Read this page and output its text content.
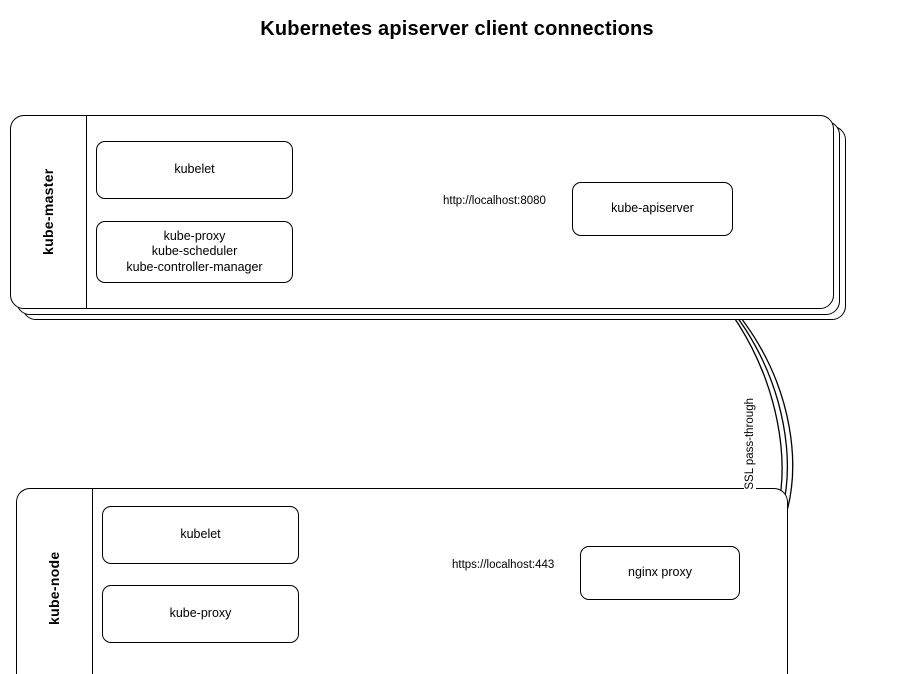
Kubernetes apiserver client connections
kube-master	kubelet
kube-proxy
kube-scheduler
kube-controller-manager
kube-apiserver
http://localhost:8080
kube-node
kubelet
kube-proxy
nginx proxy
https://localhost:443
SSL pass-through
